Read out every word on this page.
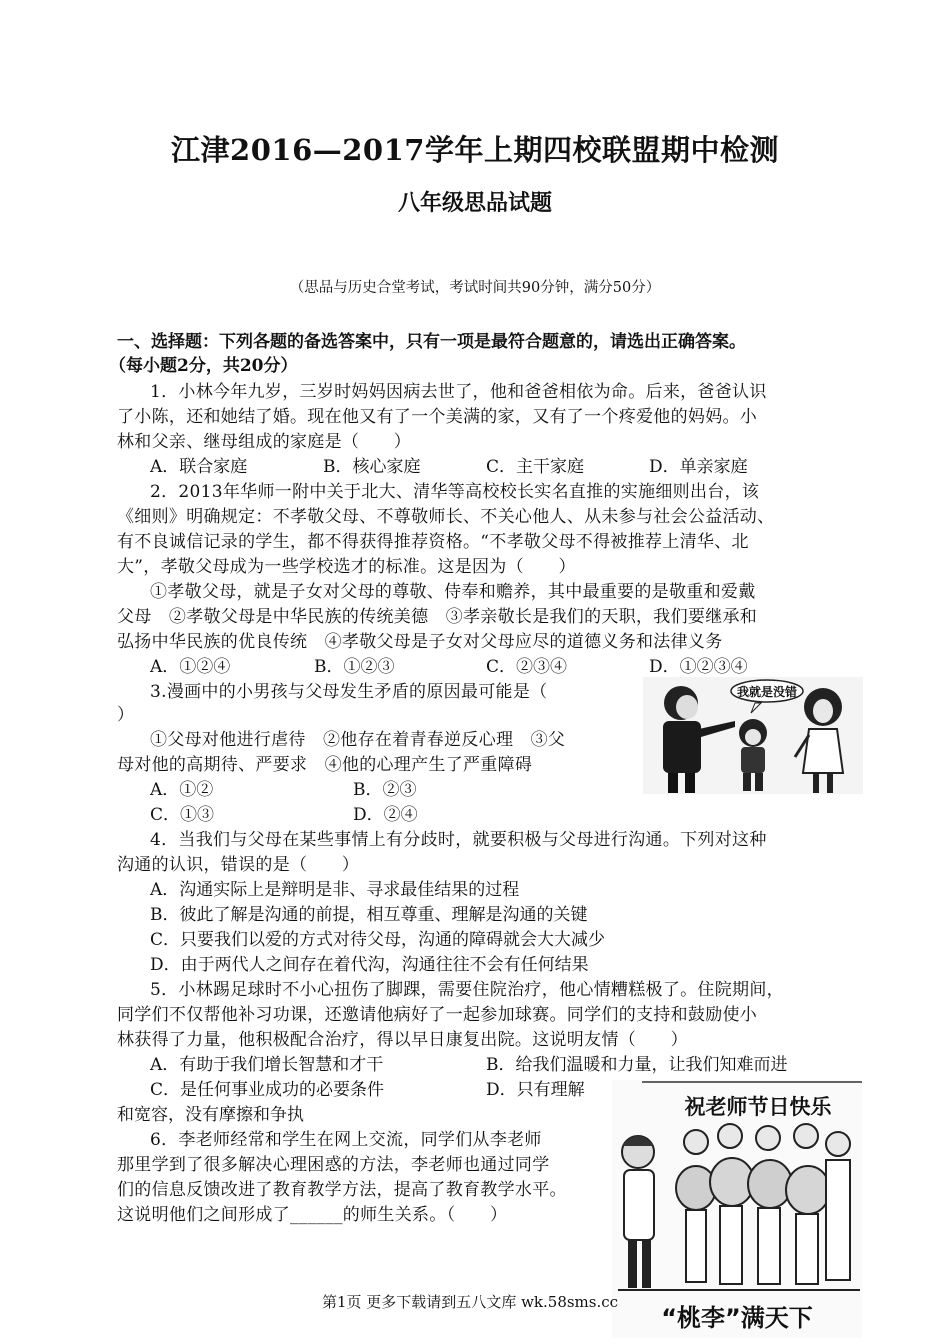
江津2016—2017学年上期四校联盟期中检测
八年级思品试题
（思品与历史合堂考试，考试时间共90分钟，满分50分）
一、选择题：下列各题的备选答案中，只有一项是最符合题意的，请选出正确答案。
（每小题2分，共20分）
1．小林今年九岁，三岁时妈妈因病去世了，他和爸爸相依为命。后来，爸爸认识
了小陈，还和她结了婚。现在他又有了一个美满的家，又有了一个疼爱他的妈妈。小
林和父亲、继母组成的家庭是（　　）
A．联合家庭	B．核心家庭	C．主干家庭	D．单亲家庭
2．2013年华师一附中关于北大、清华等高校校长实名直推的实施细则出台，该
《细则》明确规定：不孝敬父母、不尊敬师长、不关心他人、从未参与社会公益活动、
有不良诚信记录的学生，都不得获得推荐资格。“不孝敬父母不得被推荐上清华、北
大”，孝敬父母成为一些学校选才的标准。这是因为（　　）
①孝敬父母，就是子女对父母的尊敬、侍奉和赡养，其中最重要的是敬重和爱戴
父母　②孝敬父母是中华民族的传统美德　③孝亲敬长是我们的天职，我们要继承和
弘扬中华民族的优良传统　④孝敬父母是子女对父母应尽的道德义务和法律义务
A．①②④	B．①②③	C．②③④	D．①②③④
3.漫画中的小男孩与父母发生矛盾的原因最可能是（
）
①父母对他进行虐待　②他存在着青春逆反心理　③父
母对他的高期待、严要求　④他的心理产生了严重障碍
A．①②	B．②③
C．①③	D．②④
我就是没错
4．当我们与父母在某些事情上有分歧时，就要积极与父母进行沟通。下列对这种
沟通的认识，错误的是（　　）
A．沟通实际上是辩明是非、寻求最佳结果的过程
B．彼此了解是沟通的前提，相互尊重、理解是沟通的关键
C．只要我们以爱的方式对待父母，沟通的障碍就会大大减少
D．由于两代人之间存在着代沟，沟通往往不会有任何结果
5．小林踢足球时不小心扭伤了脚踝，需要住院治疗，他心情糟糕极了。住院期间，
同学们不仅帮他补习功课，还邀请他病好了一起参加球赛。同学们的支持和鼓励使小
林获得了力量，他积极配合治疗，得以早日康复出院。这说明友情（　　）
A．有助于我们增长智慧和才干	B．给我们温暖和力量，让我们知难而进
C．是任何事业成功的必要条件	D．只有理解
和宽容，没有摩擦和争执
6．李老师经常和学生在网上交流，同学们从李老师
那里学到了很多解决心理困惑的方法，李老师也通过同学
们的信息反馈改进了教育教学方法，提高了教育教学水平。
这说明他们之间形成了______的师生关系。（　　）
祝老师节日快乐
“桃李”满天下
第1页 更多下载请到五八文库 wk.58sms.cc
